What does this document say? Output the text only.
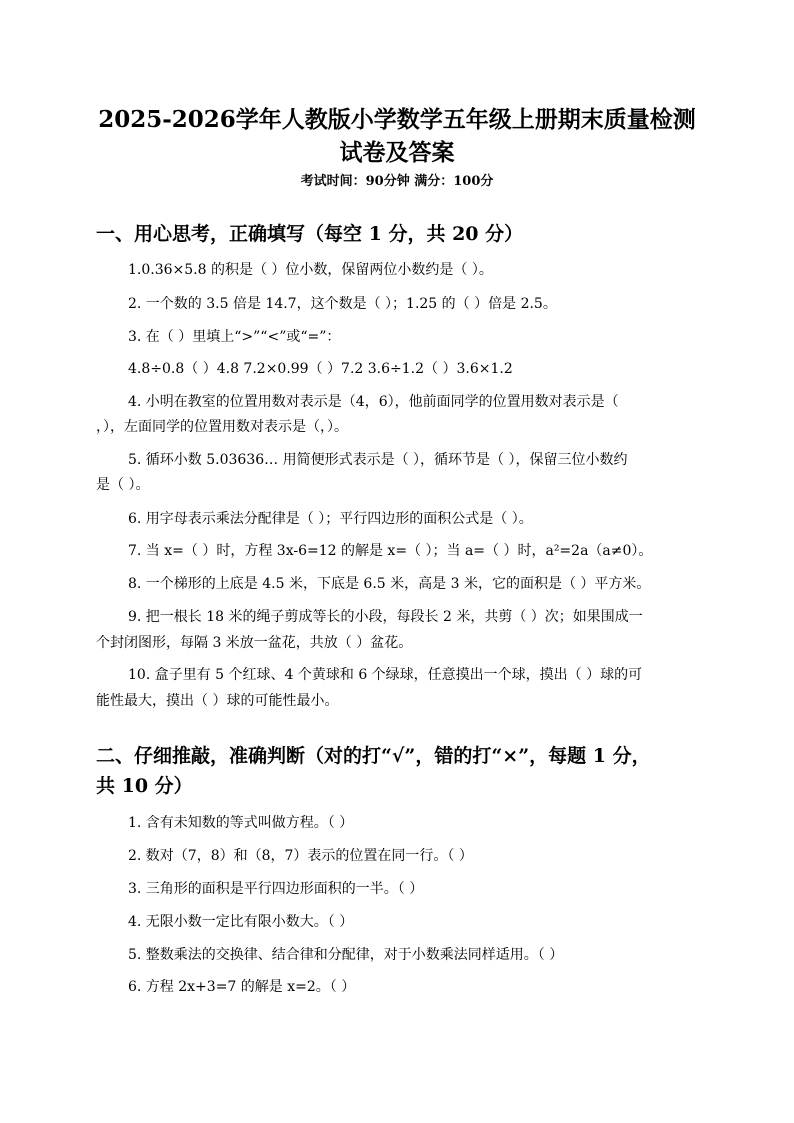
2025-2026学年人教版小学数学五年级上册期末质量检测
试卷及答案
考试时间：90分钟 满分：100分
一、用心思考，正确填写（每空 1 分，共 20 分）
1.0.36×5.8 的积是（ ）位小数，保留两位小数约是（ ）。
2. 一个数的 3.5 倍是 14.7，这个数是（ ）；1.25 的（ ）倍是 2.5。
3. 在（ ）里填上“>”“<”或“=”：
4.8÷0.8（ ）4.8 7.2×0.99（ ）7.2 3.6÷1.2（ ）3.6×1.2
4. 小明在教室的位置用数对表示是（4，6），他前面同学的位置用数对表示是（
，），左面同学的位置用数对表示是（，）。
5. 循环小数 5.03636… 用简便形式表示是（ ），循环节是（ ），保留三位小数约
是（ ）。
6. 用字母表示乘法分配律是（ ）；平行四边形的面积公式是（ ）。
7. 当 x=（ ）时，方程 3x-6=12 的解是 x=（ ）；当 a=（ ）时，a²=2a（a≠0）。
8. 一个梯形的上底是 4.5 米，下底是 6.5 米，高是 3 米，它的面积是（ ）平方米。
9. 把一根长 18 米的绳子剪成等长的小段，每段长 2 米，共剪（ ）次；如果围成一
个封闭图形，每隔 3 米放一盆花，共放（ ）盆花。
10. 盒子里有 5 个红球、4 个黄球和 6 个绿球，任意摸出一个球，摸出（ ）球的可
能性最大，摸出（ ）球的可能性最小。
二、仔细推敲，准确判断（对的打“√”，错的打“×”，每题 1 分，
共 10 分）
1. 含有未知数的等式叫做方程。（ ）
2. 数对（7，8）和（8，7）表示的位置在同一行。（ ）
3. 三角形的面积是平行四边形面积的一半。（ ）
4. 无限小数一定比有限小数大。（ ）
5. 整数乘法的交换律、结合律和分配律，对于小数乘法同样适用。（ ）
6. 方程 2x+3=7 的解是 x=2。（ ）
